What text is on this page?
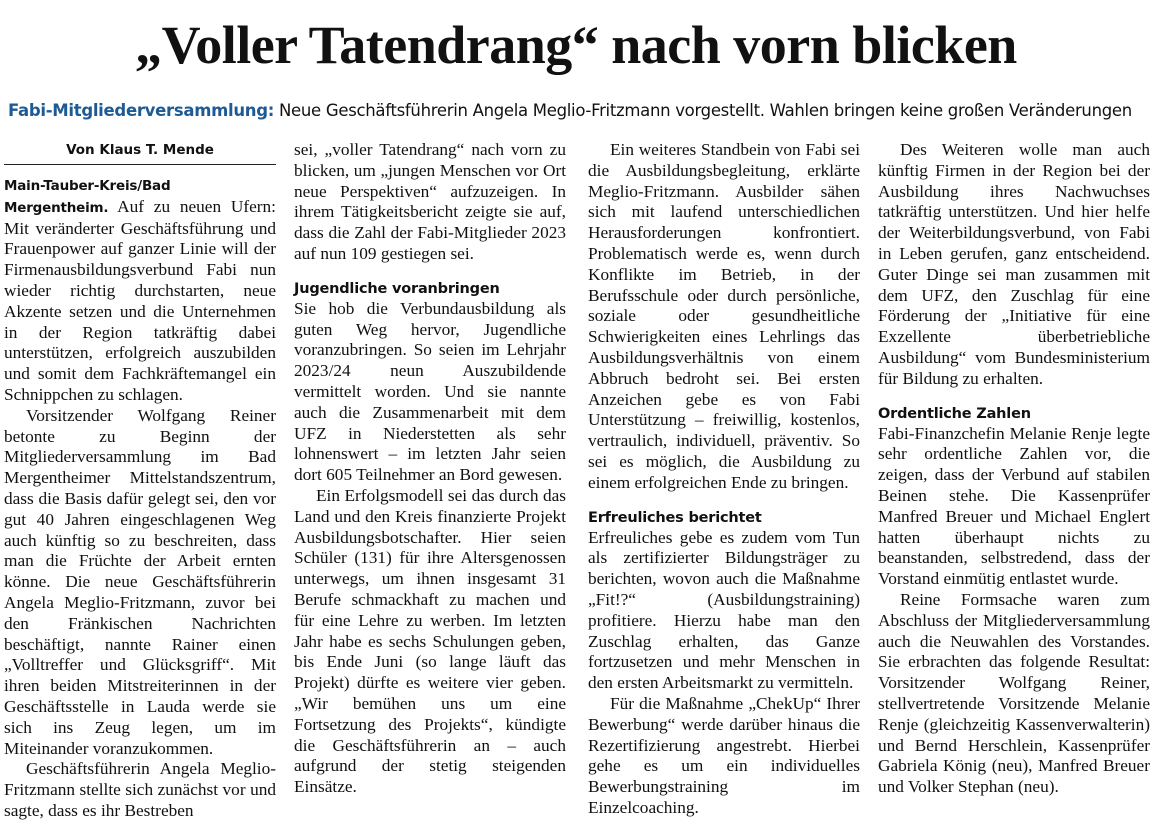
„Voller Tatendrang“ nach vorn blicken

Fabi-Mitgliederversammlung: Neue Geschäftsführerin Angela Meglio-Fritzmann vorgestellt. Wahlen bringen keine großen Veränderungen

Von Klaus T. Mende

Main-Tauber-Kreis/Bad Mergentheim. Auf zu neuen Ufern: Mit veränderter Geschäftsführung und Frauenpower auf ganzer Linie will der Firmenausbildungsverbund Fabi nun wieder richtig durchstarten, neue Akzente setzen und die Unternehmen in der Region tatkräftig dabei unterstützen, erfolgreich auszubilden und somit dem Fachkräftemangel ein Schnippchen zu schlagen.

Vorsitzender Wolfgang Reiner betonte zu Beginn der Mitgliederversammlung im Bad Mergentheimer Mittelstandszentrum, dass die Basis dafür gelegt sei, den vor gut 40 Jahren eingeschlagenen Weg auch künftig so zu beschreiten, dass man die Früchte der Arbeit ernten könne. Die neue Geschäftsführerin Angela Meglio-Fritzmann, zuvor bei den Fränkischen Nachrichten beschäftigt, nannte Rainer einen „Volltreffer und Glücksgriff“. Mit ihren beiden Mitstreiterinnen in der Geschäftsstelle in Lauda werde sie sich ins Zeug legen, um im Miteinander voranzukommen.

Geschäftsführerin Angela Meglio-Fritzmann stellte sich zunächst vor und sagte, dass es ihr Bestreben

sei, „voller Tatendrang“ nach vorn zu blicken, um „jungen Menschen vor Ort neue Perspektiven“ aufzuzeigen. In ihrem Tätigkeitsbericht zeigte sie auf, dass die Zahl der Fabi-Mitglieder 2023 auf nun 109 gestiegen sei.

Jugendliche voranbringen

Sie hob die Verbundausbildung als guten Weg hervor, Jugendliche voranzubringen. So seien im Lehrjahr 2023/24 neun Auszubildende vermittelt worden. Und sie nannte auch die Zusammenarbeit mit dem UFZ in Niederstetten als sehr lohnenswert – im letzten Jahr seien dort 605 Teilnehmer an Bord gewesen.

Ein Erfolgsmodell sei das durch das Land und den Kreis finanzierte Projekt Ausbildungsbotschafter. Hier seien Schüler (131) für ihre Altersgenossen unterwegs, um ihnen insgesamt 31 Berufe schmackhaft zu machen und für eine Lehre zu werben. Im letzten Jahr habe es sechs Schulungen geben, bis Ende Juni (so lange läuft das Projekt) dürfte es weitere vier geben. „Wir bemühen uns um eine Fortsetzung des Projekts“, kündigte die Geschäftsführerin an – auch aufgrund der stetig steigenden Einsätze.

Ein weiteres Standbein von Fabi sei die Ausbildungsbegleitung, erklärte Meglio-Fritzmann. Ausbilder sähen sich mit laufend unterschiedlichen Herausforderungen konfrontiert. Problematisch werde es, wenn durch Konflikte im Betrieb, in der Berufsschule oder durch persönliche, soziale oder gesundheitliche Schwierigkeiten eines Lehrlings das Ausbildungsverhältnis von einem Abbruch bedroht sei. Bei ersten Anzeichen gebe es von Fabi Unterstützung – freiwillig, kostenlos, vertraulich, individuell, präventiv. So sei es möglich, die Ausbildung zu einem erfolgreichen Ende zu bringen.

Erfreuliches berichtet

Erfreuliches gebe es zudem vom Tun als zertifizierter Bildungsträger zu berichten, wovon auch die Maßnahme „Fit!?“ (Ausbildungstraining) profitiere. Hierzu habe man den Zuschlag erhalten, das Ganze fortzusetzen und mehr Menschen in den ersten Arbeitsmarkt zu vermitteln.

Für die Maßnahme „ChekUp“ Ihrer Bewerbung“ werde darüber hinaus die Rezertifizierung angestrebt. Hierbei gehe es um ein individuelles Bewerbungstraining im Einzelcoaching.

Des Weiteren wolle man auch künftig Firmen in der Region bei der Ausbildung ihres Nachwuchses tatkräftig unterstützen. Und hier helfe der Weiterbildungsverbund, von Fabi in Leben gerufen, ganz entscheidend. Guter Dinge sei man zusammen mit dem UFZ, den Zuschlag für eine Förderung der „Initiative für eine Exzellente überbetriebliche Ausbildung“ vom Bundesministerium für Bildung zu erhalten.

Ordentliche Zahlen

Fabi-Finanzchefin Melanie Renje legte sehr ordentliche Zahlen vor, die zeigen, dass der Verbund auf stabilen Beinen stehe. Die Kassenprüfer Manfred Breuer und Michael Englert hatten überhaupt nichts zu beanstanden, selbstredend, dass der Vorstand einmütig entlastet wurde.

Reine Formsache waren zum Abschluss der Mitgliederversammlung auch die Neuwahlen des Vorstandes. Sie erbrachten das folgende Resultat: Vorsitzender Wolfgang Reiner, stellvertretende Vorsitzende Melanie Renje (gleichzeitig Kassenverwalterin) und Bernd Herschlein, Kassenprüfer Gabriela König (neu), Manfred Breuer und Volker Stephan (neu).
